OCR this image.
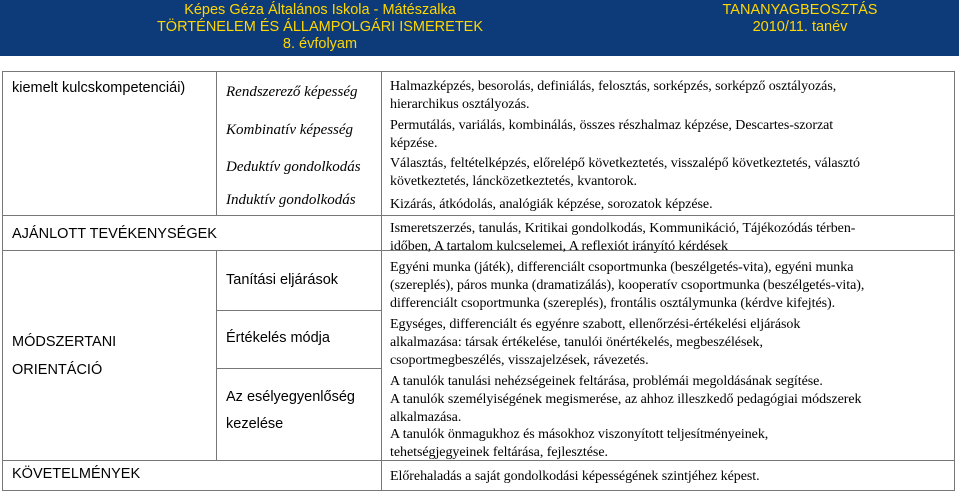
Képes Géza Általános Iskola - Mátészalka
TÖRTÉNELEM ÉS ÁLLAMPOLGÁRI ISMERETEK
8. évfolyam
TANANYAGBEOSZTÁS
2010/11. tanév
kiemelt kulcskompetenciái)
AJÁNLOTT TEVÉKENYSÉGEK
MÓDSZERTANI
ORIENTÁCIÓ
KÖVETELMÉNYEK
Rendszerező képesség
Kombinatív képesség
Deduktív gondolkodás
Induktív gondolkodás
Halmazképzés, besorolás, definiálás, felosztás, sorképzés, sorképző osztályozás,
hierarchikus osztályozás.
Permutálás, variálás, kombinálás, összes részhalmaz képzése, Descartes-szorzat
képzése.
Választás, feltételképzés, előrelépő következtetés, visszalépő következtetés, választó
következtetés, láncközetkeztetés, kvantorok.
Kizárás, átkódolás, analógiák képzése, sorozatok képzése.
Ismeretszerzés, tanulás, Kritikai gondolkodás, Kommunikáció, Tájékozódás térben-
időben, A tartalom kulcselemei, A reflexiót irányító kérdések
Tanítási eljárások
Értékelés módja
Az esélyegyenlőség
kezelése
Egyéni munka (játék), differenciált csoportmunka (beszélgetés-vita), egyéni munka
(szereplés), páros munka (dramatizálás), kooperatív csoportmunka (beszélgetés-vita),
differenciált csoportmunka (szereplés), frontális osztálymunka (kérdve kifejtés).
Egységes, differenciált és egyénre szabott, ellenőrzési-értékelési eljárások
alkalmazása: társak értékelése, tanulói önértékelés, megbeszélések,
csoportmegbeszélés, visszajelzések, rávezetés.
A tanulók tanulási nehézségeinek feltárása, problémái megoldásának segítése.
A tanulók személyiségének megismerése, az ahhoz illeszkedő pedagógiai módszerek
alkalmazása.
A tanulók önmagukhoz és másokhoz viszonyított teljesítményeinek,
tehetségjegyeinek feltárása, fejlesztése.
Előrehaladás a saját gondolkodási képességének szintjéhez képest.
